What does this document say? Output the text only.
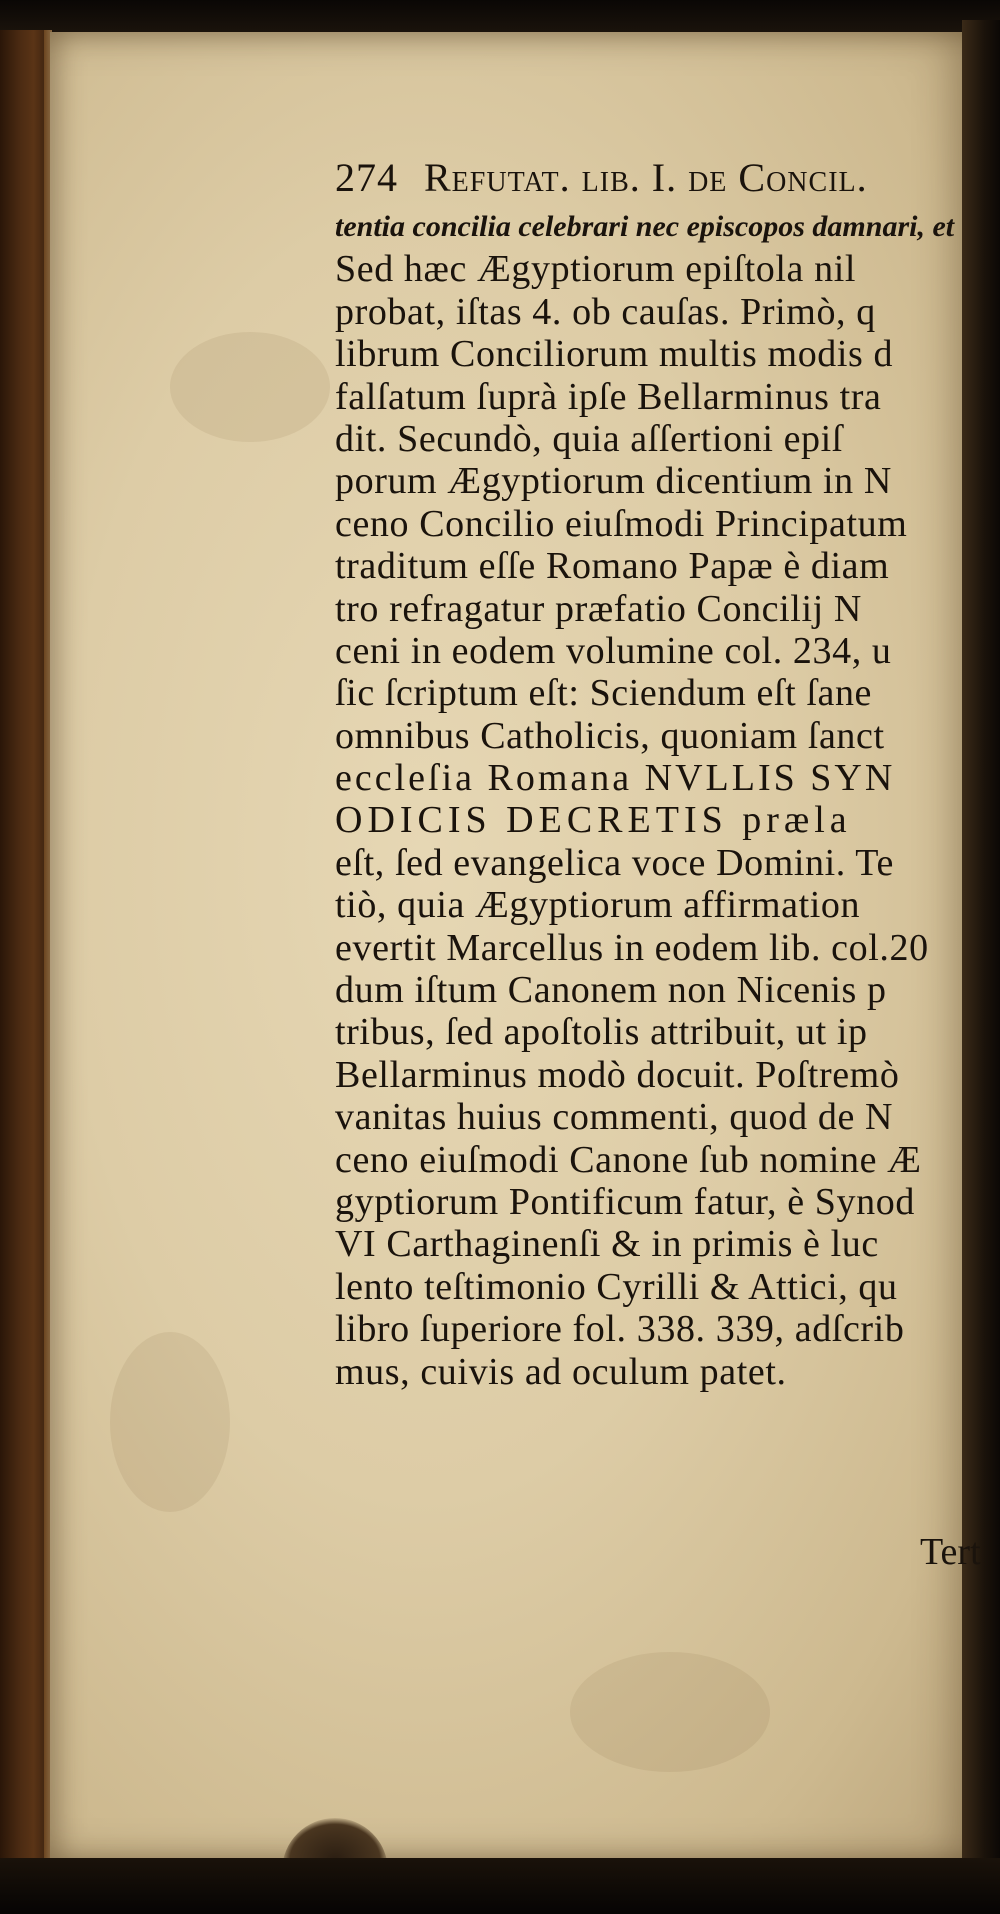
274 Refutat. lib. I. de Concil.
tentia concilia celebrari nec episcopos damnari, et
Sed hæc Ægyptiorum epiſtola nil
probat, iſtas 4. ob cauſas. Primò, q
librum Conciliorum multis modis d
falſatum ſuprà ipſe Bellarminus tra
dit. Secundò, quia aſſertioni epiſ
porum Ægyptiorum dicentium in N
ceno Concilio eiuſmodi Principatum
traditum eſſe Romano Papæ è diam
tro refragatur præfatio Concilij N
ceni in eodem volumine col. 234, u
ſic ſcriptum eſt: Sciendum eſt ſane
omnibus Catholicis, quoniam ſanct
eccleſia Romana NVLLIS SYN
ODICIS DECRETIS præla
eſt, ſed evangelica voce Domini. Te
tiò, quia Ægyptiorum affirmation
evertit Marcellus in eodem lib. col.20
dum iſtum Canonem non Nicenis p
tribus, ſed apoſtolis attribuit, ut ip
Bellarminus modò docuit. Poſtremò
vanitas huius commenti, quod de N
ceno eiuſmodi Canone ſub nomine Æ
gyptiorum Pontificum fatur, è Synod
VI Carthaginenſi & in primis è luc
lento teſtimonio Cyrilli & Attici, qu
libro ſuperiore fol. 338. 339, adſcrib
mus, cuivis ad oculum patet.
Tert
